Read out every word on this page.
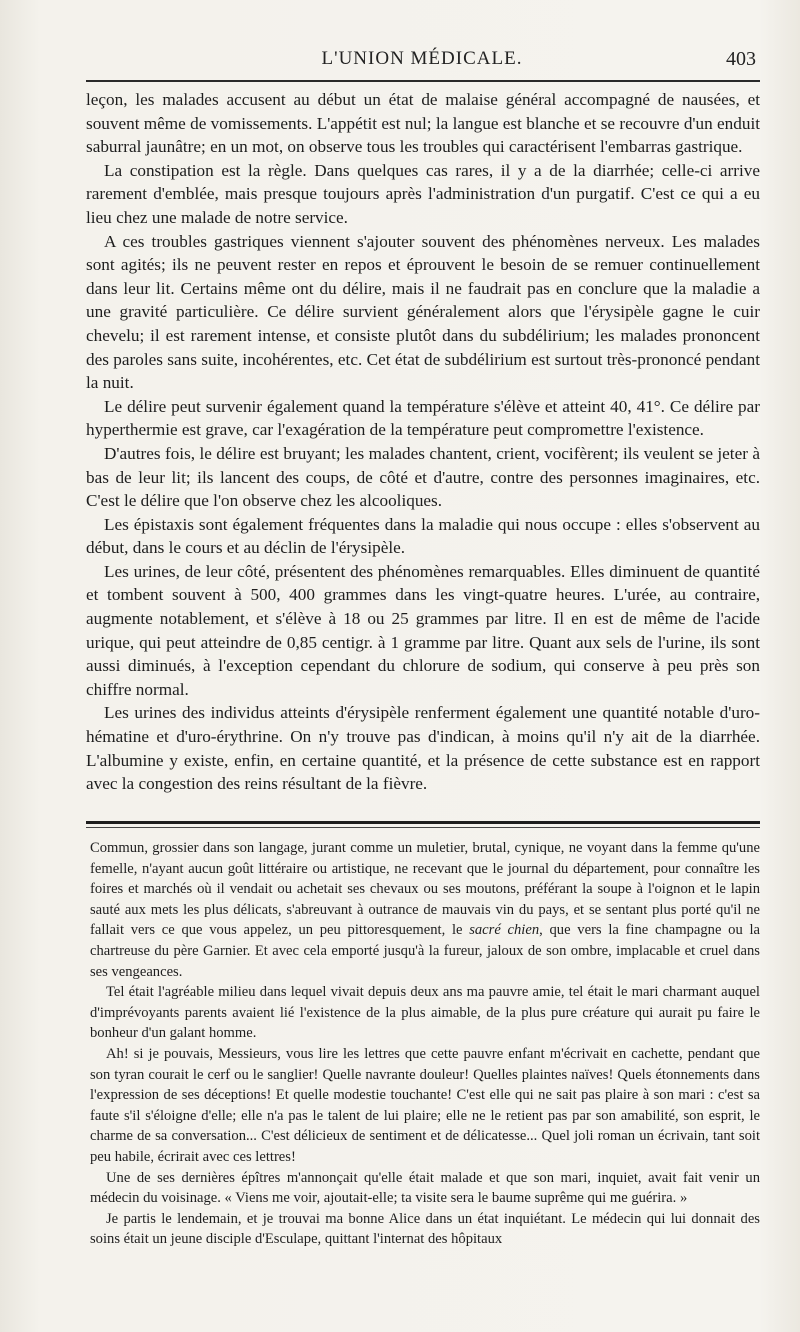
L'UNION MÉDICALE.	403

leçon, les malades accusent au début un état de malaise général accompagné de nausées, et souvent même de vomissements. L'appétit est nul; la langue est blanche et se recouvre d'un enduit saburral jaunâtre; en un mot, on observe tous les troubles qui caractérisent l'embarras gastrique.

La constipation est la règle. Dans quelques cas rares, il y a de la diarrhée; celle-ci arrive rarement d'emblée, mais presque toujours après l'administration d'un purgatif. C'est ce qui a eu lieu chez une malade de notre service.

A ces troubles gastriques viennent s'ajouter souvent des phénomènes nerveux. Les malades sont agités; ils ne peuvent rester en repos et éprouvent le besoin de se remuer continuellement dans leur lit. Certains même ont du délire, mais il ne faudrait pas en conclure que la maladie a une gravité particulière. Ce délire survient généralement alors que l'érysipèle gagne le cuir chevelu; il est rarement intense, et consiste plutôt dans du subdélirium; les malades prononcent des paroles sans suite, incohérentes, etc. Cet état de subdélirium est surtout très-prononcé pendant la nuit.

Le délire peut survenir également quand la température s'élève et atteint 40, 41°. Ce délire par hyperthermie est grave, car l'exagération de la température peut compromettre l'existence.

D'autres fois, le délire est bruyant; les malades chantent, crient, vocifèrent; ils veulent se jeter à bas de leur lit; ils lancent des coups, de côté et d'autre, contre des personnes imaginaires, etc. C'est le délire que l'on observe chez les alcooliques.

Les épistaxis sont également fréquentes dans la maladie qui nous occupe : elles s'observent au début, dans le cours et au déclin de l'érysipèle.

Les urines, de leur côté, présentent des phénomènes remarquables. Elles diminuent de quantité et tombent souvent à 500, 400 grammes dans les vingt-quatre heures. L'urée, au contraire, augmente notablement, et s'élève à 18 ou 25 grammes par litre. Il en est de même de l'acide urique, qui peut atteindre de 0,85 centigr. à 1 gramme par litre. Quant aux sels de l'urine, ils sont aussi diminués, à l'exception cependant du chlorure de sodium, qui conserve à peu près son chiffre normal.

Les urines des individus atteints d'érysipèle renferment également une quantité notable d'uro-hématine et d'uro-érythrine. On n'y trouve pas d'indican, à moins qu'il n'y ait de la diarrhée. L'albumine y existe, enfin, en certaine quantité, et la présence de cette substance est en rapport avec la congestion des reins résultant de la fièvre.

Commun, grossier dans son langage, jurant comme un muletier, brutal, cynique, ne voyant dans la femme qu'une femelle, n'ayant aucun goût littéraire ou artistique, ne recevant que le journal du département, pour connaître les foires et marchés où il vendait ou achetait ses chevaux ou ses moutons, préférant la soupe à l'oignon et le lapin sauté aux mets les plus délicats, s'abreuvant à outrance de mauvais vin du pays, et se sentant plus porté qu'il ne fallait vers ce que vous appelez, un peu pittoresquement, le sacré chien, que vers la fine champagne ou la chartreuse du père Garnier. Et avec cela emporté jusqu'à la fureur, jaloux de son ombre, implacable et cruel dans ses vengeances.

Tel était l'agréable milieu dans lequel vivait depuis deux ans ma pauvre amie, tel était le mari charmant auquel d'imprévoyants parents avaient lié l'existence de la plus aimable, de la plus pure créature qui aurait pu faire le bonheur d'un galant homme.

Ah! si je pouvais, Messieurs, vous lire les lettres que cette pauvre enfant m'écrivait en cachette, pendant que son tyran courait le cerf ou le sanglier! Quelle navrante douleur! Quelles plaintes naïves! Quels étonnements dans l'expression de ses déceptions! Et quelle modestie touchante! C'est elle qui ne sait pas plaire à son mari : c'est sa faute s'il s'éloigne d'elle; elle n'a pas le talent de lui plaire; elle ne le retient pas par son amabilité, son esprit, le charme de sa conversation... C'est délicieux de sentiment et de délicatesse... Quel joli roman un écrivain, tant soit peu habile, écrirait avec ces lettres!

Une de ses dernières épîtres m'annonçait qu'elle était malade et que son mari, inquiet, avait fait venir un médecin du voisinage. « Viens me voir, ajoutait-elle; ta visite sera le baume suprême qui me guérira. »

Je partis le lendemain, et je trouvai ma bonne Alice dans un état inquiétant. Le médecin qui lui donnait des soins était un jeune disciple d'Esculape, quittant l'internat des hôpitaux
